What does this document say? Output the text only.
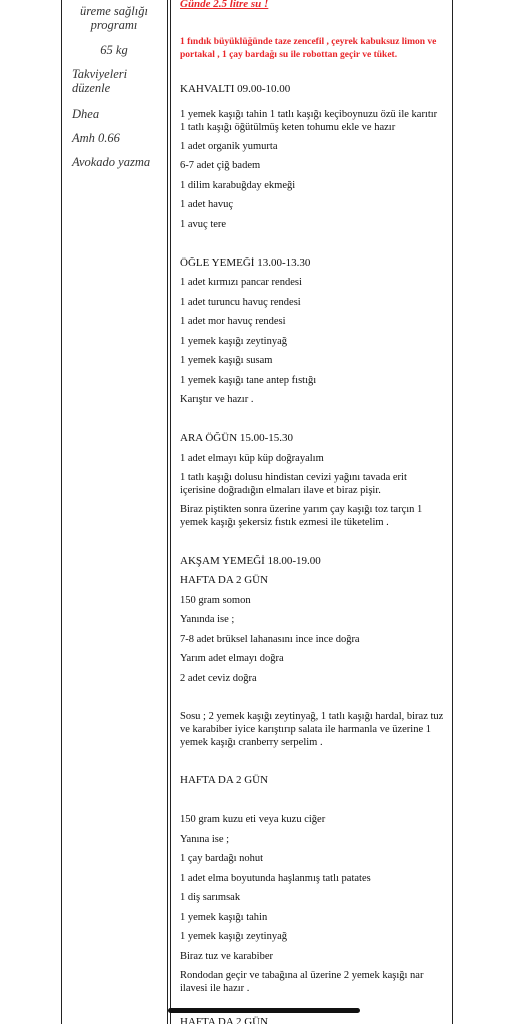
üreme sağlığı
programı
65 kg
Takviyeleri
düzenle
Dhea
Amh 0.66
Avokado yazma
Günde 2.5 litre su !
1 fındık büyüklüğünde taze zencefil , çeyrek kabuksuz limon ve portakal , 1 çay bardağı su ile robottan geçir ve tüket.
KAHVALTI 09.00-10.00
1 yemek kaşığı tahin 1 tatlı kaşığı keçiboynuzu özü ile karıtır 1 tatlı kaşığı öğütülmüş keten tohumu ekle ve hazır
1 adet organik yumurta
6-7 adet çiğ badem
1 dilim karabuğday ekmeği
1 adet havuç
1 avuç tere
ÖĞLE YEMEĞİ 13.00-13.30
1 adet kırmızı pancar rendesi
1 adet turuncu havuç rendesi
1 adet mor havuç rendesi
1 yemek kaşığı zeytinyağ
1 yemek kaşığı susam
1 yemek kaşığı tane antep fıstığı
Karıştır ve hazır .
ARA ÖĞÜN 15.00-15.30
1 adet elmayı küp küp doğrayalım
1 tatlı kaşığı dolusu hindistan cevizi yağını tavada erit içerisine doğradığın elmaları ilave et biraz pişir.
Biraz piştikten sonra üzerine yarım çay kaşığı toz tarçın 1 yemek kaşığı şekersiz fıstık ezmesi ile tüketelim .
AKŞAM YEMEĞİ 18.00-19.00
HAFTA DA 2 GÜN
150 gram somon
Yanında ise ;
7-8 adet brüksel lahanasını ince ince doğra
Yarım adet elmayı doğra
2 adet ceviz doğra
Sosu ; 2 yemek kaşığı zeytinyağ, 1 tatlı kaşığı hardal, biraz tuz ve karabiber iyice karıştırıp salata ile harmanla ve üzerine 1 yemek kaşığı cranberry serpelim .
HAFTA DA 2 GÜN
150 gram kuzu eti veya kuzu ciğer
Yanına ise ;
1 çay bardağı nohut
1 adet elma boyutunda haşlanmış tatlı patates
1 diş sarımsak
1 yemek kaşığı tahin
1 yemek kaşığı zeytinyağ
Biraz tuz ve karabiber
Rondodan geçir ve tabağına al üzerine 2 yemek kaşığı nar ilavesi ile hazır .
HAFTA DA 2 GÜN
